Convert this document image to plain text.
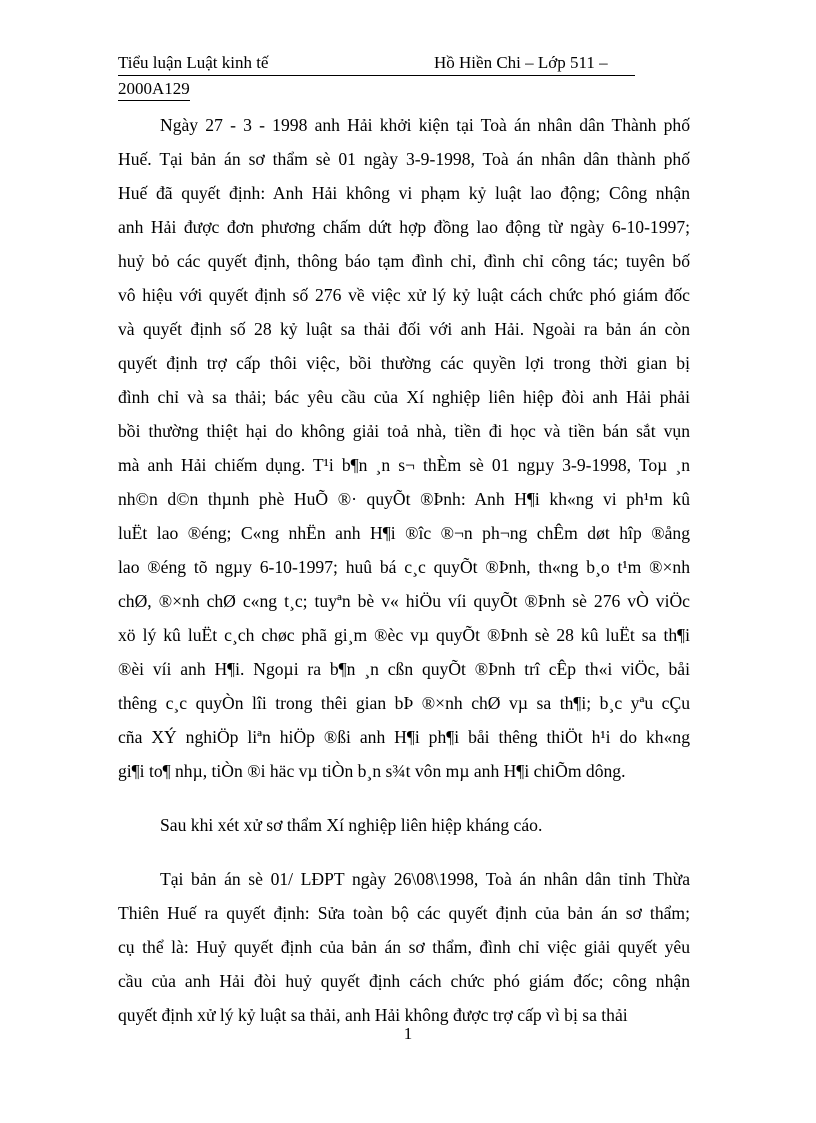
Tiểu luận Luật kinh tế	Hồ Hiền Chi – Lớp 511 –
2000A129
Ngày 27 - 3 - 1998 anh Hải khởi kiện tại Toà án nhân dân Thành phố
Huế. Tại bản án sơ thẩm sè 01 ngày 3-9-1998, Toà án nhân dân thành phố
Huế đã quyết định: Anh Hải không vi phạm kỷ luật lao động; Công nhận
anh Hải được đơn phương chấm dứt hợp đồng lao động từ ngày 6-10-1997;
huỷ bỏ các quyết định, thông báo tạm đình chỉ, đình chỉ công tác; tuyên bố
vô hiệu với quyết định số 276 về việc xử lý kỷ luật cách chức phó giám đốc
và quyết định số 28 kỷ luật sa thải đối với anh Hải. Ngoài ra bản án còn
quyết định trợ cấp thôi việc, bồi thường các quyền lợi trong thời gian bị
đình chỉ và sa thải; bác yêu cầu của Xí nghiệp liên hiệp đòi anh Hải phải
bồi thường thiệt hại do không giải toả nhà, tiền đi học và tiền bán sắt vụn
mà anh Hải chiếm dụng. T¹i b¶n ¸n s¬ thÈm sè 01 ngµy 3-9-1998, Toµ ¸n
nh©n d©n thµnh phè HuÕ ®· quyÕt ®Þnh: Anh H¶i kh«ng vi ph¹m kû
luËt lao ®éng; C«ng nhËn anh H¶i ®îc ®¬n ph¬ng chÊm døt hîp ®ång
lao ®éng tõ ngµy 6-10-1997; huû bá c¸c quyÕt ®Þnh, th«ng b¸o t¹m ®×nh
chØ, ®×nh chØ c«ng t¸c; tuyªn bè v« hiÖu víi quyÕt ®Þnh sè 276 vÒ viÖc
xö lý kû luËt c¸ch chøc phã gi¸m ®èc vµ quyÕt ®Þnh sè 28 kû luËt sa th¶i
®èi víi anh H¶i. Ngoµi ra b¶n ¸n cßn quyÕt ®Þnh trî cÊp th«i viÖc, båi
thêng c¸c quyÒn lîi trong thêi gian bÞ ®×nh chØ vµ sa th¶i; b¸c yªu cÇu
cña XÝ nghiÖp liªn hiÖp ®ßi anh H¶i ph¶i båi thêng thiÖt h¹i do kh«ng
gi¶i to¶ nhµ, tiÒn ®i häc vµ tiÒn b¸n s¾t vôn mµ anh H¶i chiÕm dông.
Sau khi xét xử sơ thẩm Xí nghiệp liên hiệp kháng cáo.
Tại bản án sè 01/ LĐPT ngày 26\08\1998, Toà án nhân dân tỉnh Thừa
Thiên Huế ra quyết định: Sửa toàn bộ các quyết định của bản án sơ thẩm;
cụ thể là: Huỷ quyết định của bản án sơ thẩm, đình chỉ việc giải quyết yêu
cầu của anh Hải đòi huỷ quyết định cách chức phó giám đốc; công nhận
quyết định xử lý kỷ luật sa thải, anh Hải không được trợ cấp vì bị sa thải
1
